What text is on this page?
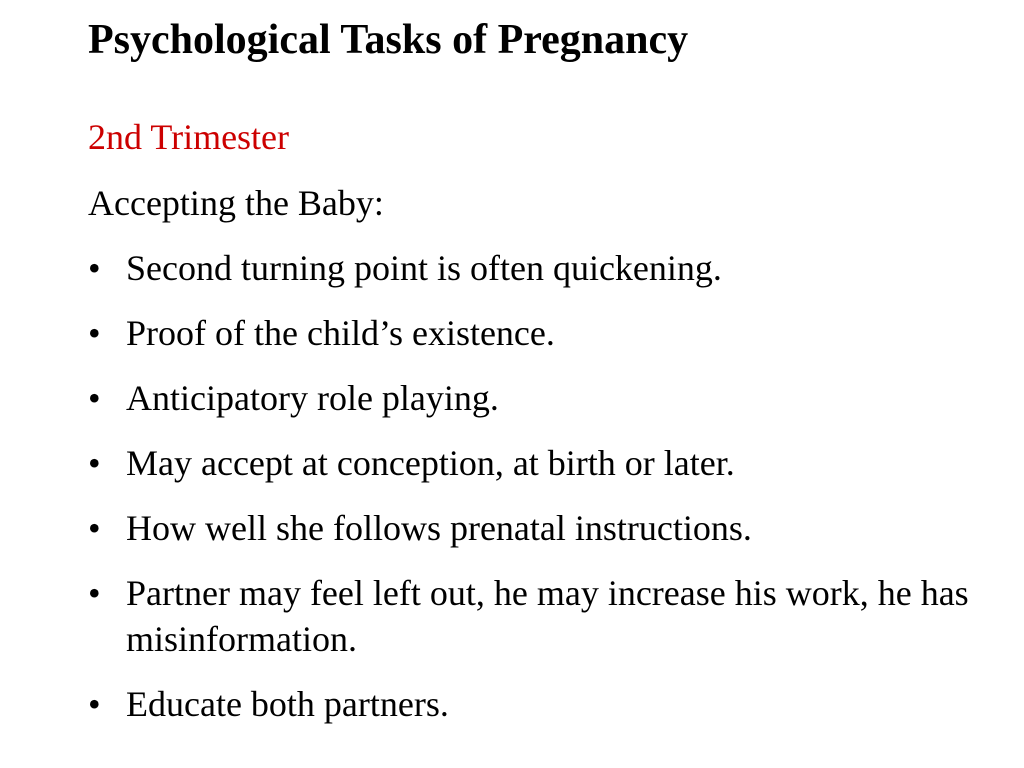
Psychological Tasks of Pregnancy

2nd Trimester

Accepting the Baby:

• Second turning point is often quickening.
• Proof of the child’s existence.
• Anticipatory role playing.
• May accept at conception, at birth or later.
• How well she follows prenatal instructions.
• Partner may feel left out, he may increase his work, he has misinformation.
• Educate both partners.
